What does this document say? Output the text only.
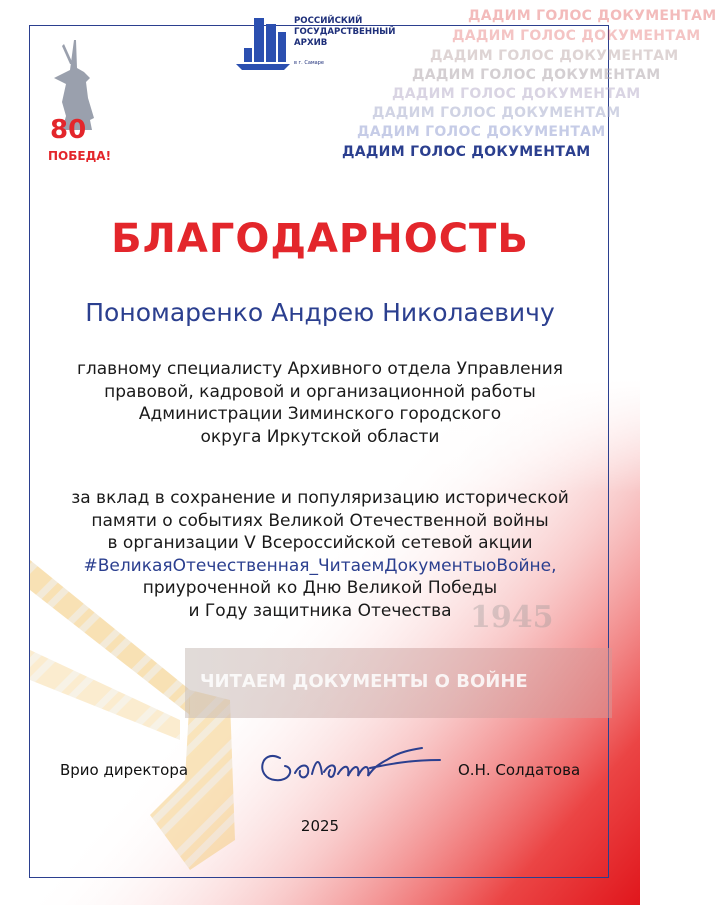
ДАДИМ ГОЛОС ДОКУМЕНТАМ
ДАДИМ ГОЛОС ДОКУМЕНТАМ
ДАДИМ ГОЛОС ДОКУМЕНТАМ
ДАДИМ ГОЛОС ДОКУМЕНТАМ
ДАДИМ ГОЛОС ДОКУМЕНТАМ
ДАДИМ ГОЛОС ДОКУМЕНТАМ
ДАДИМ ГОЛОС ДОКУМЕНТАМ
ДАДИМ ГОЛОС ДОКУМЕНТАМ
80
ПОБЕДА!
РОССИЙСКИЙ
ГОСУДАРСТВЕННЫЙ
АРХИВ
в г. Самаре
БЛАГОДАРНОСТЬ
Пономаренко Андрею Николаевичу
главному специалисту Архивного отдела Управления
правовой, кадровой и организационной работы
Администрации Зиминского городского
округа Иркутской области
1945
ЧИТАЕМ ДОКУМЕНТЫ О ВОЙНЕ
за вклад в сохранение и популяризацию исторической
памяти о событиях Великой Отечественной войны
в организации V Всероссийской сетевой акции
#ВеликаяОтечественная_ЧитаемДокументыоВойне,
приуроченной ко Дню Великой Победы
и Году защитника Отечества
Врио директора	О.Н. Солдатова
2025
